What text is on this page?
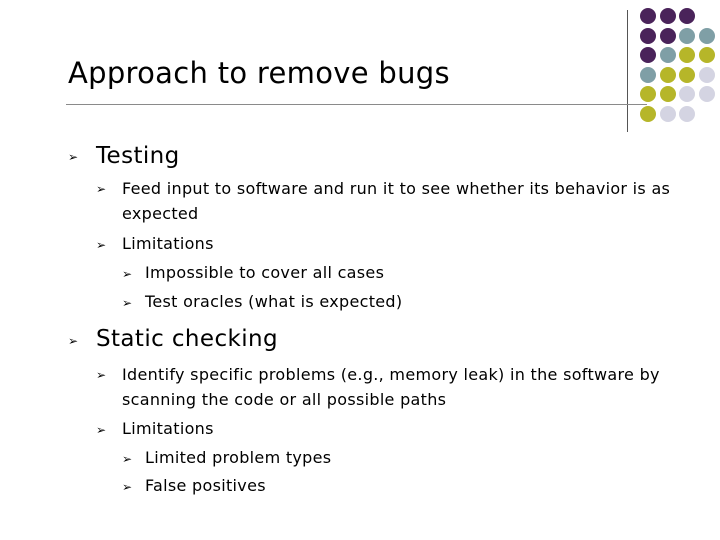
Approach to remove bugs
➢ Testing
➢ Feed input to software and run it to see whether its behavior is as expected
➢ Limitations
➢ Impossible to cover all cases
➢ Test oracles (what is expected)
➢ Static checking
➢ Identify specific problems (e.g., memory leak) in the software by scanning the code or all possible paths
➢ Limitations
➢ Limited problem types
➢ False positives
